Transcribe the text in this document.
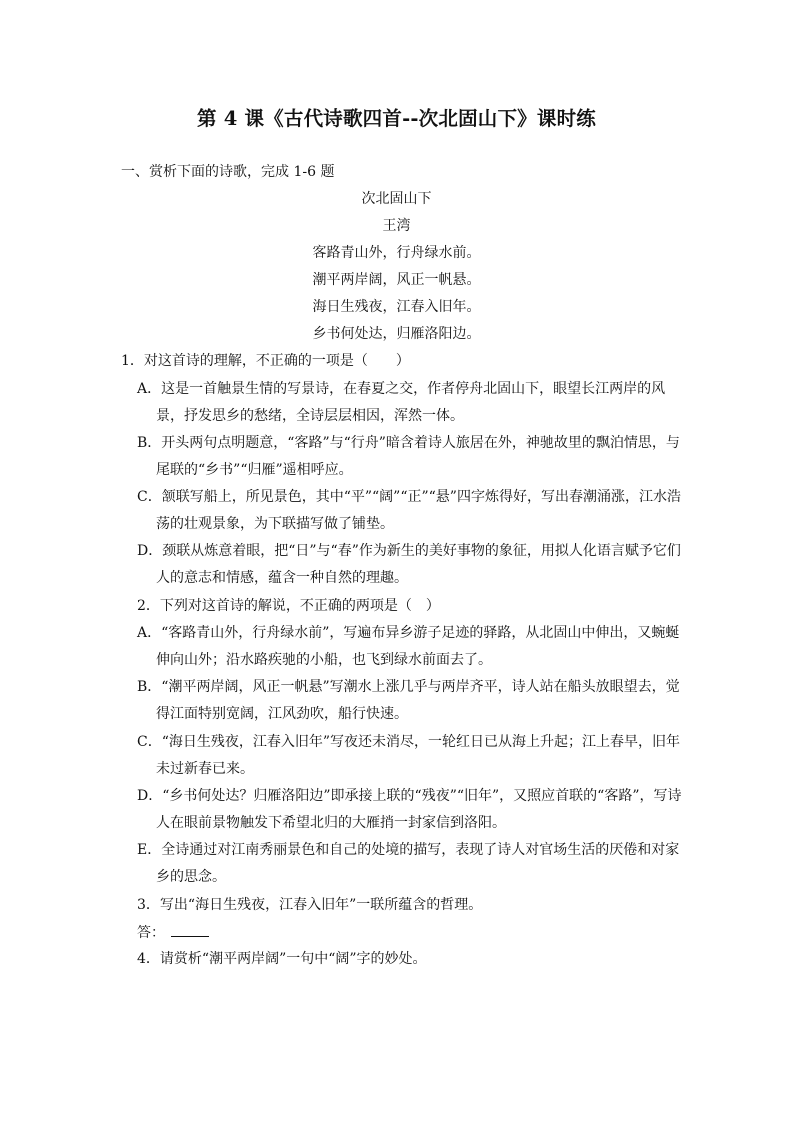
第 4 课《古代诗歌四首--次北固山下》课时练
一、赏析下面的诗歌，完成 1-6 题
次北固山下
王湾
客路青山外，行舟绿水前。
潮平两岸阔，风正一帆悬。
海日生残夜，江春入旧年。
乡书何处达，归雁洛阳边。
1．对这首诗的理解，不正确的一项是（　　）
A．这是一首触景生情的写景诗，在春夏之交，作者停舟北固山下，眼望长江两岸的风
景，抒发思乡的愁绪，全诗层层相因，浑然一体。
B．开头两句点明题意，“客路”与“行舟”暗含着诗人旅居在外，神驰故里的飘泊情思，与
尾联的“乡书”“归雁”遥相呼应。
C．颔联写船上，所见景色，其中“平”“阔”“正”“悬”四字炼得好，写出春潮涌涨，江水浩
荡的壮观景象，为下联描写做了铺垫。
D．颈联从炼意着眼，把“日”与“春”作为新生的美好事物的象征，用拟人化语言赋予它们
人的意志和情感，蕴含一种自然的理趣。
2．下列对这首诗的解说，不正确的两项是（　）
A．“客路青山外，行舟绿水前”，写遍布异乡游子足迹的驿路，从北固山中伸出，又蜿蜒
伸向山外；沿水路疾驰的小船，也飞到绿水前面去了。
B．“潮平两岸阔，风正一帆悬”写潮水上涨几乎与两岸齐平，诗人站在船头放眼望去，觉
得江面特别宽阔，江风劲吹，船行快速。
C．“海日生残夜，江春入旧年”写夜还未消尽，一轮红日已从海上升起；江上春早，旧年
未过新春已来。
D．“乡书何处达？归雁洛阳边”即承接上联的“残夜”“旧年”，又照应首联的“客路”，写诗
人在眼前景物触发下希望北归的大雁捎一封家信到洛阳。
E．全诗通过对江南秀丽景色和自己的处境的描写，表现了诗人对官场生活的厌倦和对家
乡的思念。
3．写出“海日生残夜，江春入旧年”一联所蕴含的哲理。
答：
4．请赏析“潮平两岸阔”一句中“阔”字的妙处。
